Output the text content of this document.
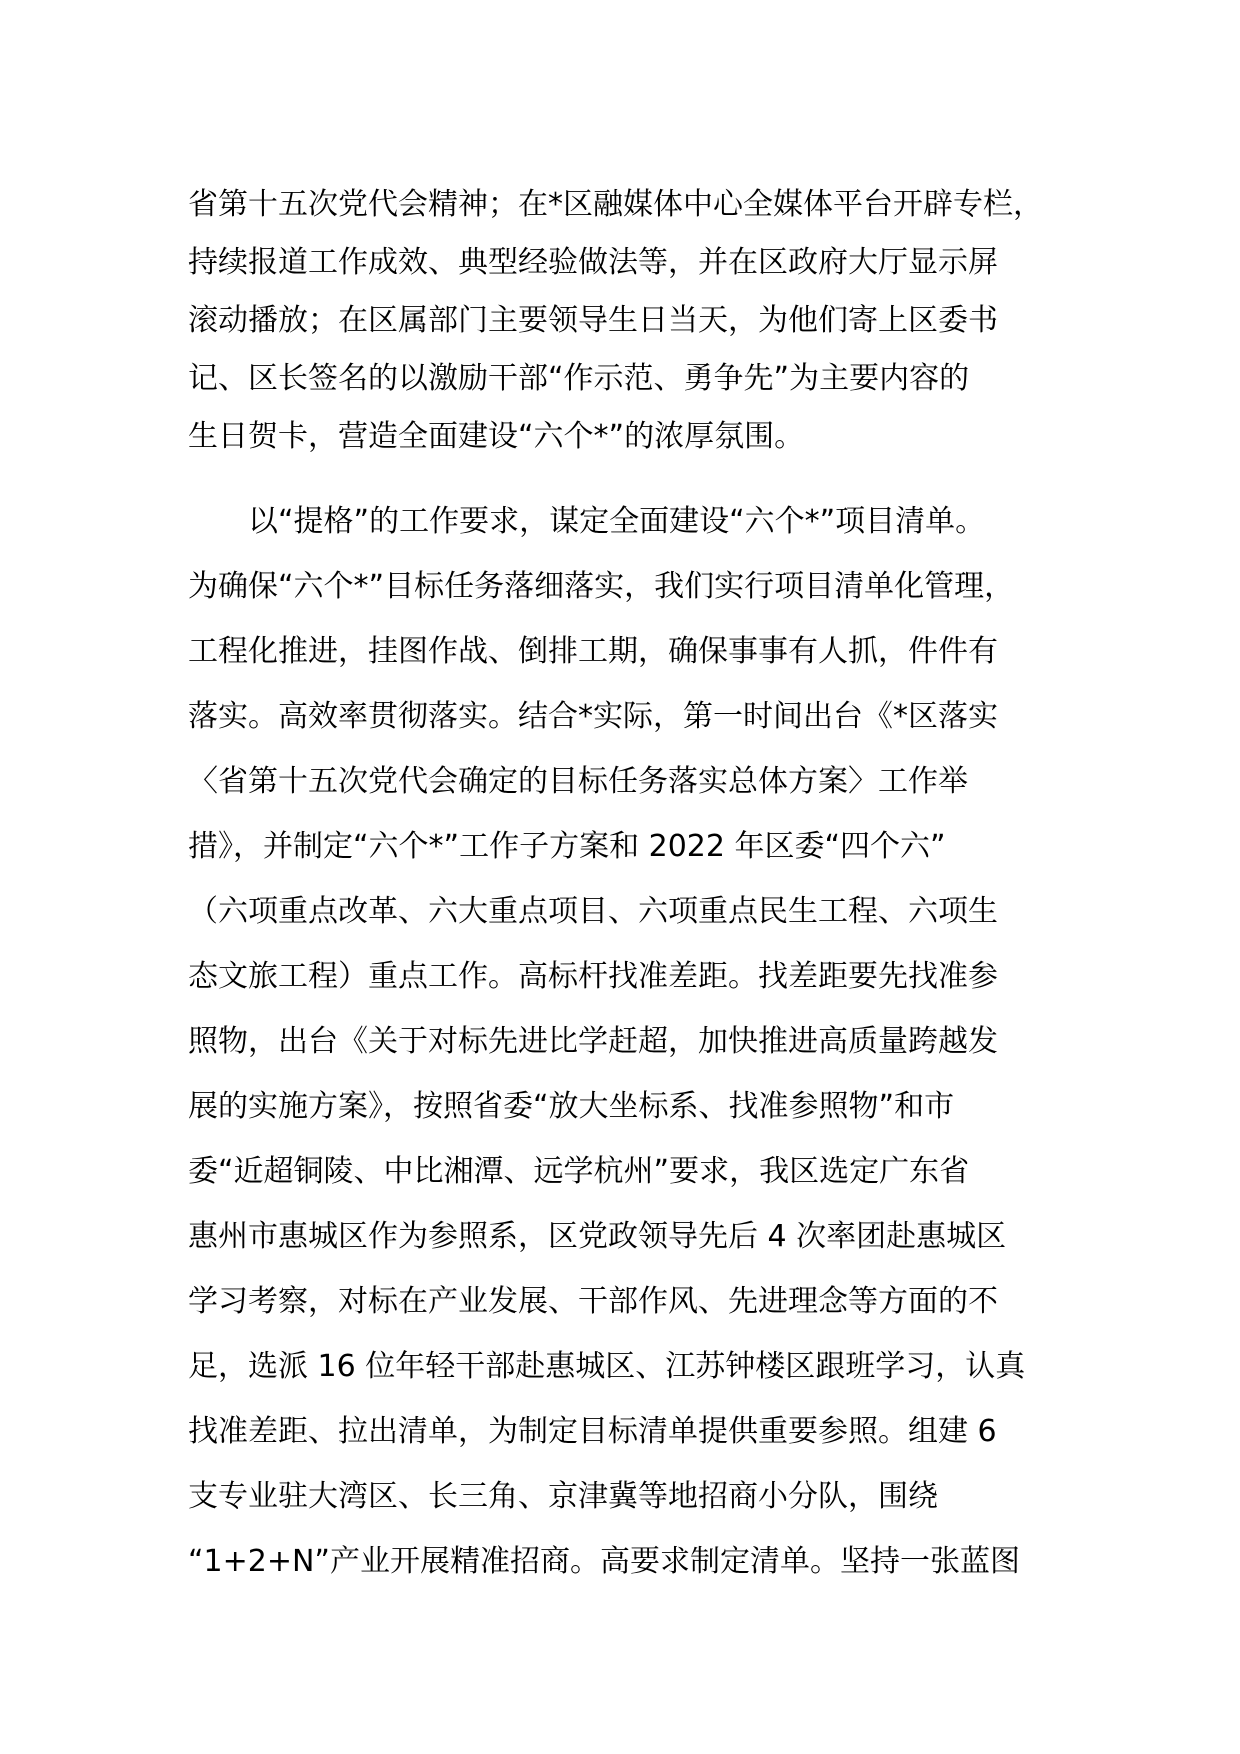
省第十五次党代会精神；在*区融媒体中心全媒体平台开辟专栏，
持续报道工作成效、典型经验做法等，并在区政府大厅显示屏
滚动播放；在区属部门主要领导生日当天，为他们寄上区委书
记、区长签名的以激励干部“作示范、勇争先”为主要内容的
生日贺卡，营造全面建设“六个*”的浓厚氛围。
以“提格”的工作要求，谋定全面建设“六个*”项目清单。
为确保“六个*”目标任务落细落实，我们实行项目清单化管理，
工程化推进，挂图作战、倒排工期，确保事事有人抓，件件有
落实。高效率贯彻落实。结合*实际，第一时间出台《*区落实
〈省第十五次党代会确定的目标任务落实总体方案〉工作举
措》，并制定“六个*”工作子方案和 2022 年区委“四个六”
（六项重点改革、六大重点项目、六项重点民生工程、六项生
态文旅工程）重点工作。高标杆找准差距。找差距要先找准参
照物，出台《关于对标先进比学赶超，加快推进高质量跨越发
展的实施方案》，按照省委“放大坐标系、找准参照物”和市
委“近超铜陵、中比湘潭、远学杭州”要求，我区选定广东省
惠州市惠城区作为参照系，区党政领导先后 4 次率团赴惠城区
学习考察，对标在产业发展、干部作风、先进理念等方面的不
足，选派 16 位年轻干部赴惠城区、江苏钟楼区跟班学习，认真
找准差距、拉出清单，为制定目标清单提供重要参照。组建 6
支专业驻大湾区、长三角、京津冀等地招商小分队，围绕
“1+2+N”产业开展精准招商。高要求制定清单。坚持一张蓝图
